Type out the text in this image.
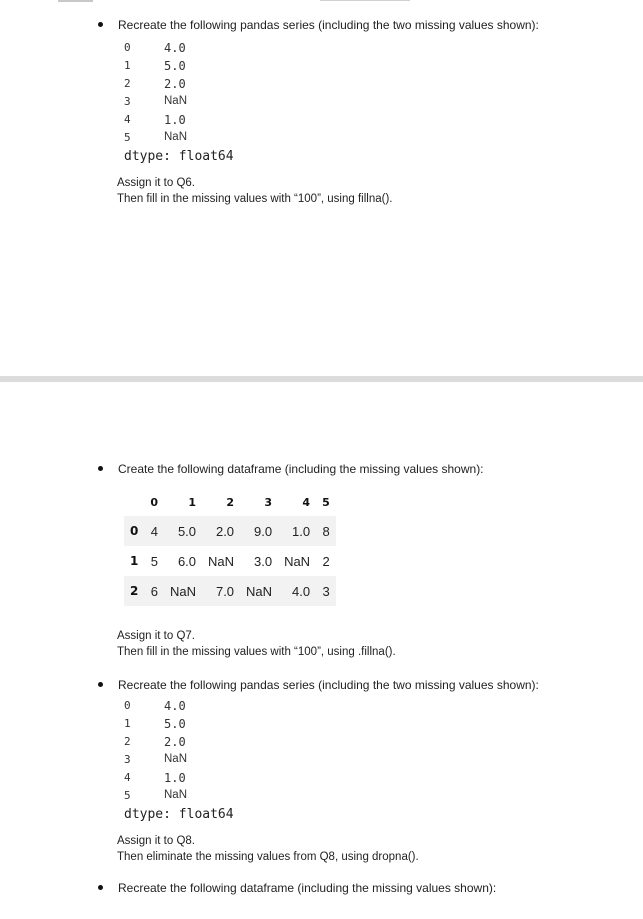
Recreate the following pandas series (including the two missing values shown):
0	4.0
1	5.0
2	2.0
3	NaN
4	1.0
5	NaN
dtype: float64
Assign it to Q6.
Then fill in the missing values with “100”, using fillna().
Create the following dataframe (including the missing values shown):
	0	1	2	3	4	5
0	4	5.0	2.0	9.0	1.0	8
1	5	6.0	NaN	3.0	NaN	2
2	6	NaN	7.0	NaN	4.0	3
Assign it to Q7.
Then fill in the missing values with “100”, using .fillna().
Recreate the following pandas series (including the two missing values shown):
0	4.0
1	5.0
2	2.0
3	NaN
4	1.0
5	NaN
dtype: float64
Assign it to Q8.
Then eliminate the missing values from Q8, using dropna().
Recreate the following dataframe (including the missing values shown):
